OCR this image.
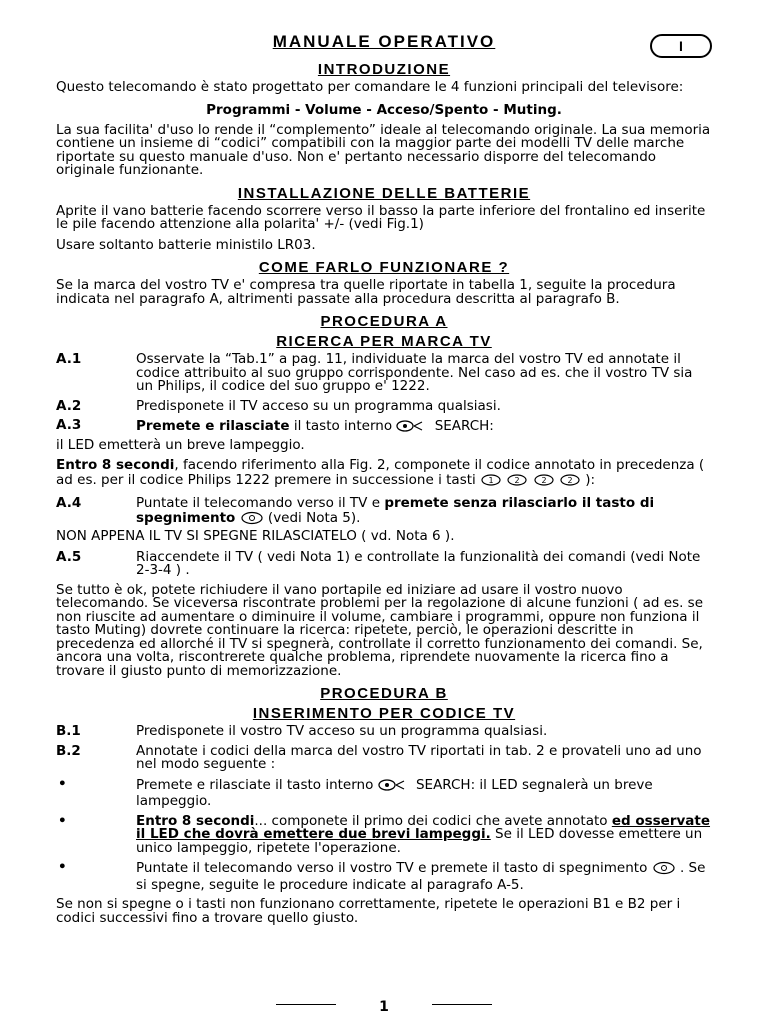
MANUALE OPERATIVO	I
INTRODUZIONE

Questo telecomando è stato progettato per comandare le 4 funzioni principali del televisore:

Programmi - Volume - Acceso/Spento - Muting.

La sua facilita' d'uso lo rende il “complemento” ideale al telecomando originale. La sua memoria contiene un insieme di “codici” compatibili con la maggior parte dei modelli TV delle marche riportate su questo manuale d'uso. Non e' pertanto necessario disporre del telecomando originale funzionante.

INSTALLAZIONE DELLE BATTERIE

Aprite il vano batterie facendo scorrere verso il basso la parte inferiore del frontalino ed inserite le pile facendo attenzione alla polarita' +/- (vedi Fig.1)

Usare soltanto batterie ministilo LR03.

COME FARLO FUNZIONARE ?

Se la marca del vostro TV e' compresa tra quelle riportate in tabella 1, seguite la procedura indicata nel paragrafo A, altrimenti passate alla procedura descritta al paragrafo B.

PROCEDURA A
RICERCA PER MARCA TV
A.1	Osservate la “Tab.1” a pag. 11, individuate la marca del vostro TV ed annotate il codice attribuito al suo gruppo corrispondente. Nel caso ad es. che il vostro TV sia un Philips, il codice del suo gruppo e' 1222.
A.2	Predisponete il TV acceso su un programma qualsiasi.
A.3	Premete e rilasciate il tasto interno	SEARCH:

il LED emetterà un breve lampeggio.

Entro 8 secondi, facendo riferimento alla Fig. 2, componete il codice annotato in precedenza ( ad es. per il codice Philips 1222 premere in successione i tasti 1
	2
	2
	2 ):

A.4	Puntate il telecomando verso il TV e premete senza rilasciarlo il tasto di spegnimento (vedi Nota 5).

NON APPENA IL TV SI SPEGNE RILASCIATELO ( vd. Nota 6 ).

A.5	Riaccendete il TV ( vedi Nota 1) e controllate la funzionalità dei comandi (vedi Note 2-3-4 ) .

Se tutto è ok, potete richiudere il vano portapile ed iniziare ad usare il vostro nuovo telecomando. Se viceversa riscontrate problemi per la regolazione di alcune funzioni ( ad es. se non riuscite ad aumentare o diminuire il volume, cambiare i programmi, oppure non funziona il tasto Muting) dovrete continuare la ricerca: ripetete, perciò, le operazioni descritte in precedenza ed allorché il TV si spegnerà, controllate il corretto funzionamento dei comandi. Se, ancora una volta, riscontrerete qualche problema, riprendete nuovamente la ricerca fino a trovare il giusto punto di memorizzazione.

PROCEDURA B
INSERIMENTO PER CODICE TV
B.1	Predisponete il vostro TV acceso su un programma qualsiasi.
B.2	Annotate i codici della marca del vostro TV riportati in tab. 2 e provateli uno ad uno nel modo seguente :
•	Premete e rilasciate il tasto interno	SEARCH: il LED segnalerà un breve lampeggio.
•	Entro 8 secondi... componete il primo dei codici che avete annotato ed osservate il LED che dovrà emettere due brevi lampeggi. Se il LED dovesse emettere un unico lampeggio, ripetete l'operazione.
•	Puntate il telecomando verso il vostro TV e premete il tasto di spegnimento . Se si spegne, seguite le procedure indicate al paragrafo A-5.

Se non si spegne o i tasti non funzionano correttamente, ripetete le operazioni B1 e B2 per i codici successivi fino a trovare quello giusto.

1
